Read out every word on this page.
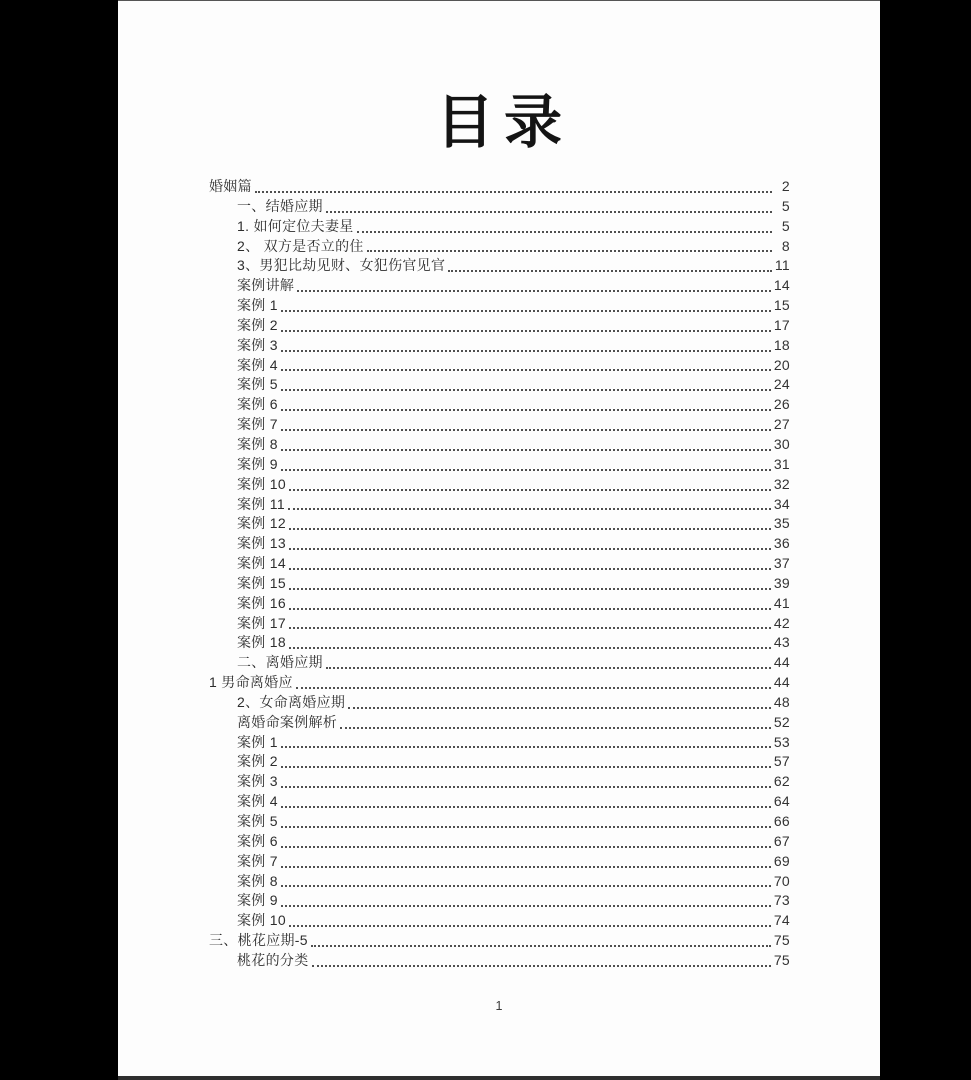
目录
婚姻篇	2
一、结婚应期	5
1. 如何定位夫妻星	5
2、 双方是否立的住	8
3、男犯比劫见财、女犯伤官见官	11
案例讲解	14
案例 1	15
案例 2	17
案例 3	18
案例 4	20
案例 5	24
案例 6	26
案例 7	27
案例 8	30
案例 9	31
案例 10	32
案例 11	34
案例 12	35
案例 13	36
案例 14	37
案例 15	39
案例 16	41
案例 17	42
案例 18	43
二、离婚应期	44
1 男命离婚应	44
2、女命离婚应期	48
离婚命案例解析	52
案例 1	53
案例 2	57
案例 3	62
案例 4	64
案例 5	66
案例 6	67
案例 7	69
案例 8	70
案例 9	73
案例 10	74
三、桃花应期-5	75
桃花的分类	75
1
